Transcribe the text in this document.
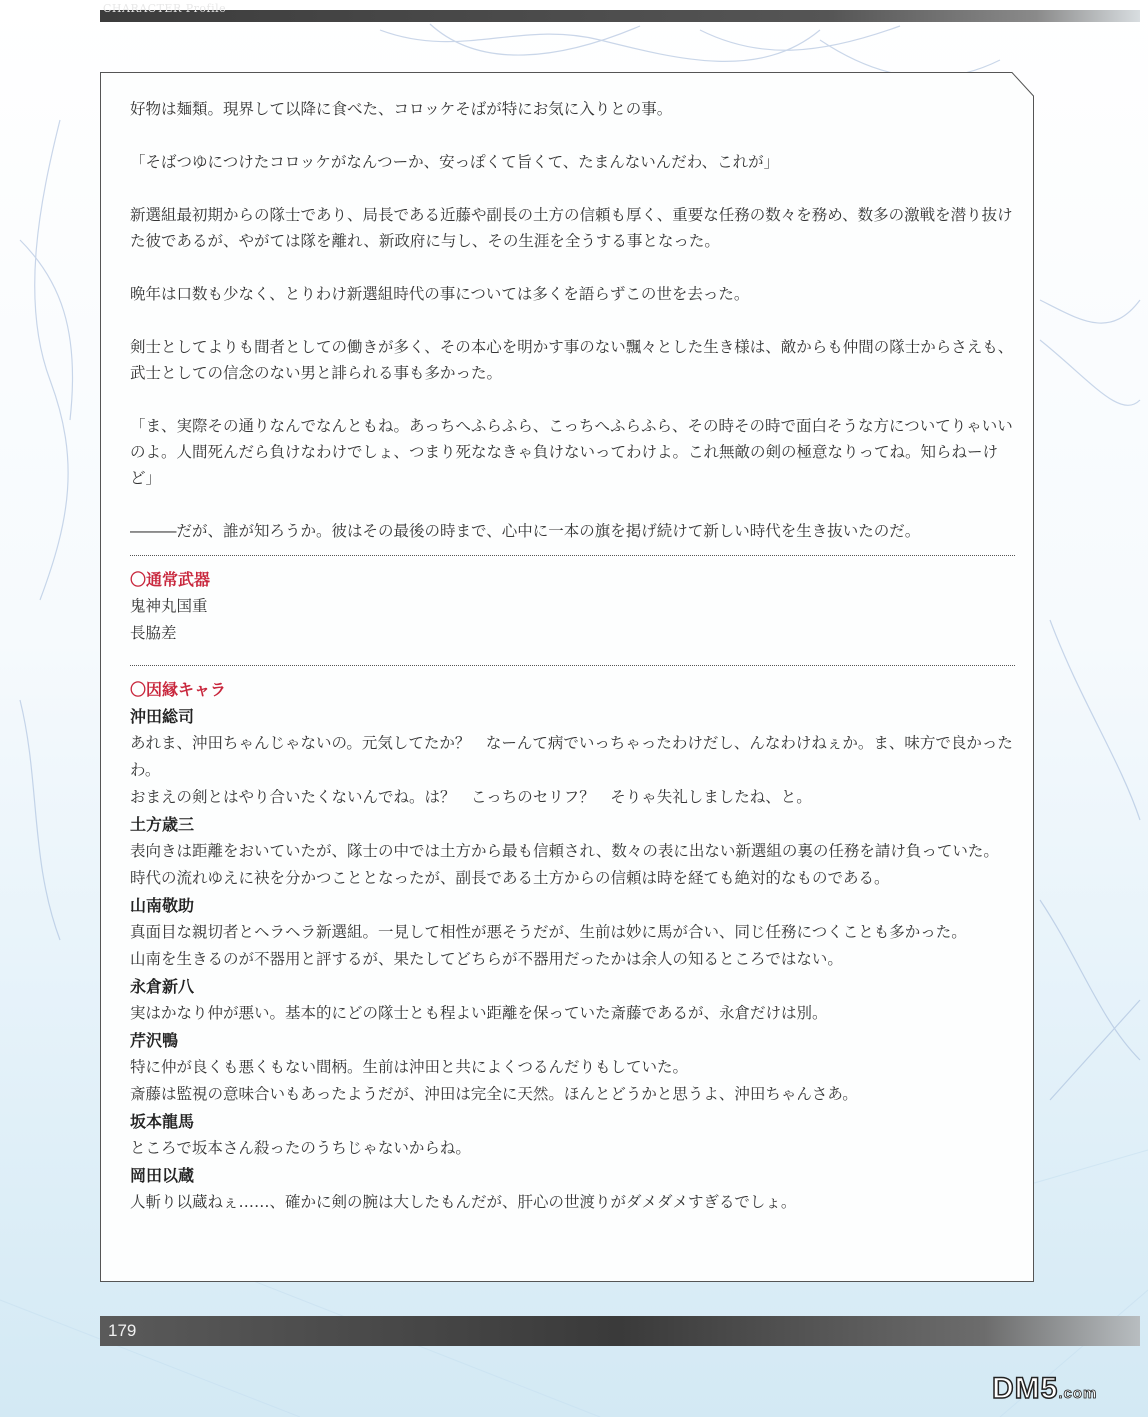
CHARACTER Profile

好物は麺類。現界して以降に食べた、コロッケそばが特にお気に入りとの事。

「そばつゆにつけたコロッケがなんつーか、安っぽくて旨くて、たまんないんだわ、これが」

新選組最初期からの隊士であり、局長である近藤や副長の土方の信頼も厚く、重要な任務の数々を務め、数多の激戦を潜り抜けた彼であるが、やがては隊を離れ、新政府に与し、その生涯を全うする事となった。

晩年は口数も少なく、とりわけ新選組時代の事については多くを語らずこの世を去った。

剣士としてよりも間者としての働きが多く、その本心を明かす事のない飄々とした生き様は、敵からも仲間の隊士からさえも、武士としての信念のない男と誹られる事も多かった。

「ま、実際その通りなんでなんともね。あっちへふらふら、こっちへふらふら、その時その時で面白そうな方についてりゃいいのよ。人間死んだら負けなわけでしょ、つまり死ななきゃ負けないってわけよ。これ無敵の剣の極意なりってね。知らねーけど」

―――だが、誰が知ろうか。彼はその最後の時まで、心中に一本の旗を掲げ続けて新しい時代を生き抜いたのだ。

〇通常武器
鬼神丸国重
長脇差
〇因縁キャラ
沖田総司
あれま、沖田ちゃんじゃないの。元気してたか？　なーんて病でいっちゃったわけだし、んなわけねぇか。ま、味方で良かったわ。
おまえの剣とはやり合いたくないんでね。は？　こっちのセリフ？　そりゃ失礼しましたね、と。
土方歳三
表向きは距離をおいていたが、隊士の中では土方から最も信頼され、数々の表に出ない新選組の裏の任務を請け負っていた。
時代の流れゆえに袂を分かつこととなったが、副長である土方からの信頼は時を経ても絶対的なものである。
山南敬助
真面目な親切者とヘラヘラ新選組。一見して相性が悪そうだが、生前は妙に馬が合い、同じ任務につくことも多かった。
山南を生きるのが不器用と評するが、果たしてどちらが不器用だったかは余人の知るところではない。
永倉新八
実はかなり仲が悪い。基本的にどの隊士とも程よい距離を保っていた斎藤であるが、永倉だけは別。
芹沢鴨
特に仲が良くも悪くもない間柄。生前は沖田と共によくつるんだりもしていた。
斎藤は監視の意味合いもあったようだが、沖田は完全に天然。ほんとどうかと思うよ、沖田ちゃんさあ。
坂本龍馬
ところで坂本さん殺ったのうちじゃないからね。
岡田以蔵
人斬り以蔵ねぇ……、確かに剣の腕は大したもんだが、肝心の世渡りがダメダメすぎるでしょ。
179
DM5.com
